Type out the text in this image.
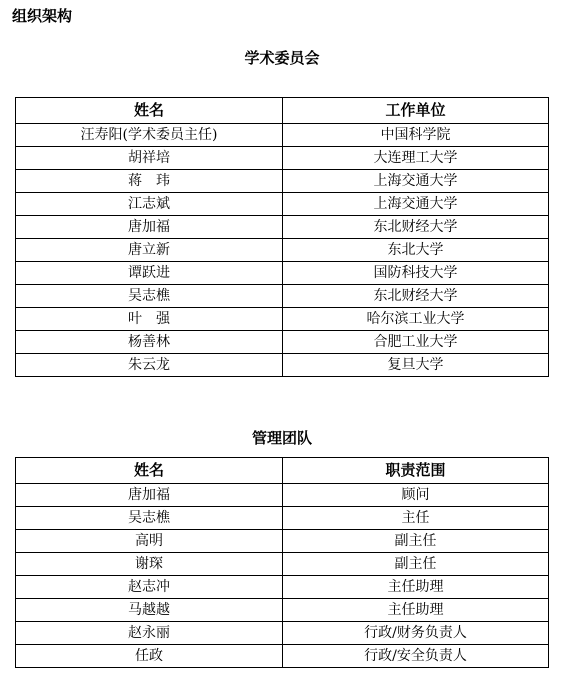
组织架构
学术委员会
姓名	工作单位
汪寿阳(学术委员主任)	中国科学院
胡祥培	大连理工大学
蒋　玮	上海交通大学
江志斌	上海交通大学
唐加福	东北财经大学
唐立新	东北大学
谭跃进	国防科技大学
吴志樵	东北财经大学
叶　强	哈尔滨工业大学
杨善林	合肥工业大学
朱云龙	复旦大学
管理团队
姓名	职责范围
唐加福	顾问
吴志樵	主任
高明	副主任
谢琛	副主任
赵志冲	主任助理
马越越	主任助理
赵永丽	行政/财务负责人
任政	行政/安全负责人
